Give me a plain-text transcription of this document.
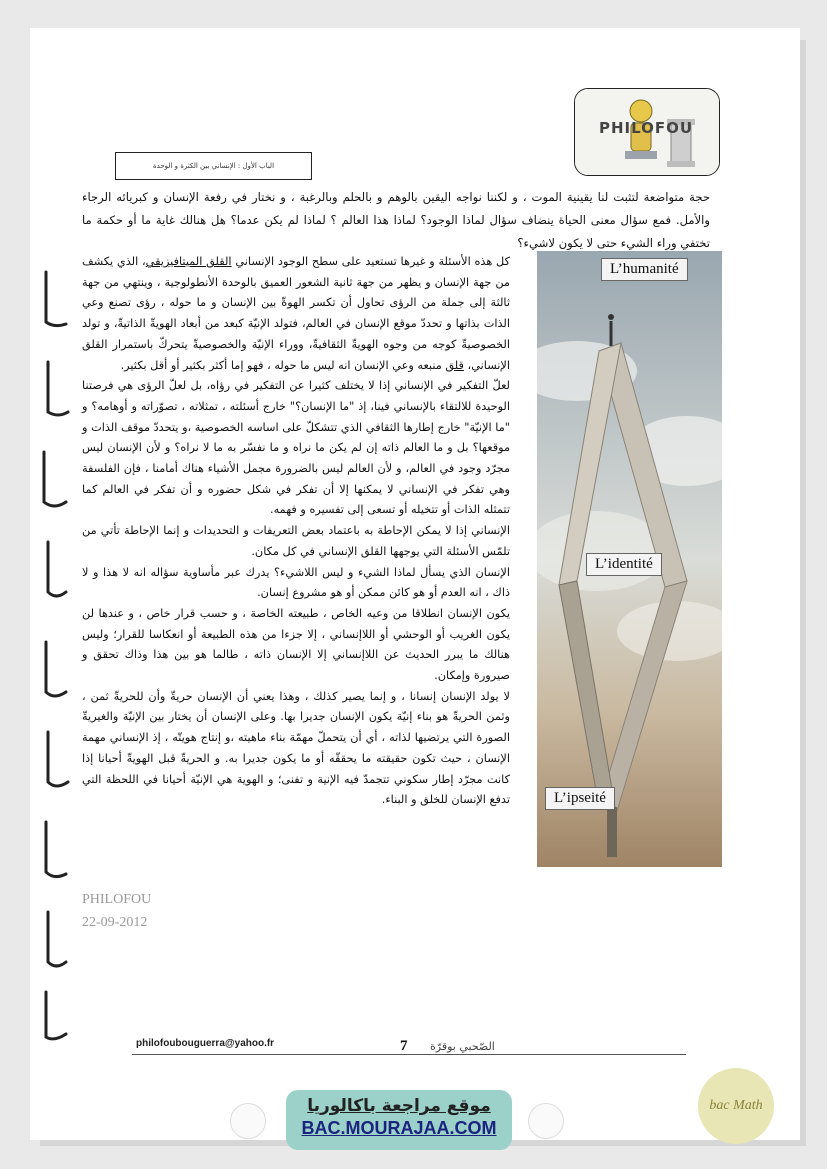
PHILOFOU
الباب الأول : الإنساني بين الكثرة و الوحدة
حجة متواضعة لتثبت لنا يقينية الموت ، و لكننا نواجه اليقين بالوهم و بالحلم وبالرغبة ، و نختار في رفعة الإنسان و كبريائه الرجاء والأمل. فمع سؤال معنى الحياة ينضاف سؤال لماذا الوجود؟ لماذا هذا العالم ؟ لماذا لم يكن عدما؟ هل هنالك غاية ما أو حكمة ما تختفي وراء الشيء حتى لا يكون لاشيء؟

كل هذه الأسئلة و غيرها تستعيد على سطح الوجود الإنساني القلق الميتافيزيقي، الذي يكشف من جهة الإنسان و يظهر من جهة ثانية الشعور العميق بالوحدة الأنطولوجية ، وينتهي من جهة ثالثة إلى جملة من الرؤى تحاول أن تكسر الهوةّ بين الإنسان و ما حوله ، رؤى تصنع وعي الذات بذاتها و تحددّ موقع الإنسان في العالم، فتولد الإنيّة كبعد من أبعاد الهويةّ الذاتيةّ، و تولد الخصوصيةّ كوجه من وجوه الهويةّ الثقافيةّ، ووراء الإنيّة والخصوصيةّ يتحركّ باستمرار القلق الإنساني، قلق منبعه وعي الإنسان انه ليس ما حوله ، فهو إما أكثر بكثير أو أقل بكثير.

لعلّ التفكير في الإنساني إذا لا يختلف كثيرا عن التفكير في رؤاه، بل لعلّ الرؤى هي فرصتنا الوحيدة للالتقاء بالإنساني فينا، إذ "ما الإنسان؟" خارج أسئلته ، تمثلاته ، تصوّراته و أوهامه؟ و "ما الإنيّة" خارج إطارها الثقافي الذي تتشكلّ على اساسه الخصوصية ،و يتحددّ موقف الذات و موقعها؟ بل و ما العالم ذاته إن لم يكن ما نراه و ما نفسّر به ما لا نراه؟ و لأن الإنسان ليس مجرّد وجود في العالم، و لأن العالم ليس بالضرورة مجمل الأشياء هناك أمامنا ، فإن الفلسفة وهي تفكر في الإنساني لا يمكنها إلا أن تفكر في شكل حضوره و أن تفكر في العالم كما تتمثله الذات أو تتخيله أو تسعى إلى تفسيره و فهمه.

الإنساني إذا لا يمكن الإحاطة به باعتماد بعض التعريفات و التحديدات و إنما الإحاطة تأتي من تلمّس الأسئلة التي يوجهها القلق الإنساني في كل مكان.

الإنسان الذي يسأل لماذا الشيء و ليس اللاشيء؟ يدرك عبر مأساوية سؤاله انه لا هذا و لا ذاك ، انه العدم أو هو كائن ممكن أو هو مشروع إنسان.

يكون الإنسان انطلاقا من وعيه الخاص ، طبيعته الخاصة ، و حسب قرار خاص ، و عندها لن يكون الغريب أو الوحشي أو اللاإنساني ، إلا جزءا من هذه الطبيعة أو انعكاسا للقرار؛ وليس هنالك ما يبرر الحديث عن اللاإنساني إلا الإنسان ذاته ، طالما هو بين هذا وذاك تحقق و صيرورة وإمكان.

لا يولد الإنسان إنسانا ، و إنما يصير كذلك ، وهذا يعني أن الإنسان حريةّ وأن للحريةّ ثمن ، وثمن الحريةّ هو بناء إنيّة يكون الإنسان جديرا بها. وعلى الإنسان أن يختار بين الإنيّة والغيريةّ الصورة التي يرتضيها لذاته ، أي أن يتحملّ مهمّة بناء ماهيته ،و إنتاج هويتّه ، إذ الإنساني مهمة الإنسان ، حيث تكون حقيقته ما يحققّه أو ما يكون جديرا به. و الحريةّ قبل الهويةّ أحيانا إذا كانت مجرّد إطار سكوني تتجمدّ فيه الإنية و تفنى؛ و الهوية هي الإنيّة أحيانا في اللحظة التي تدفع الإنسان للخلق و البناء.

PHILOFOU
22-09-2012
L’humanité
L’identité
L’ipseité
philofoubouguerra@yahoo.fr	7 الصّحبي بوقرّة
موقع مراجعة باكالوريا
BAC.MOURAJAA.COM
bac Math
